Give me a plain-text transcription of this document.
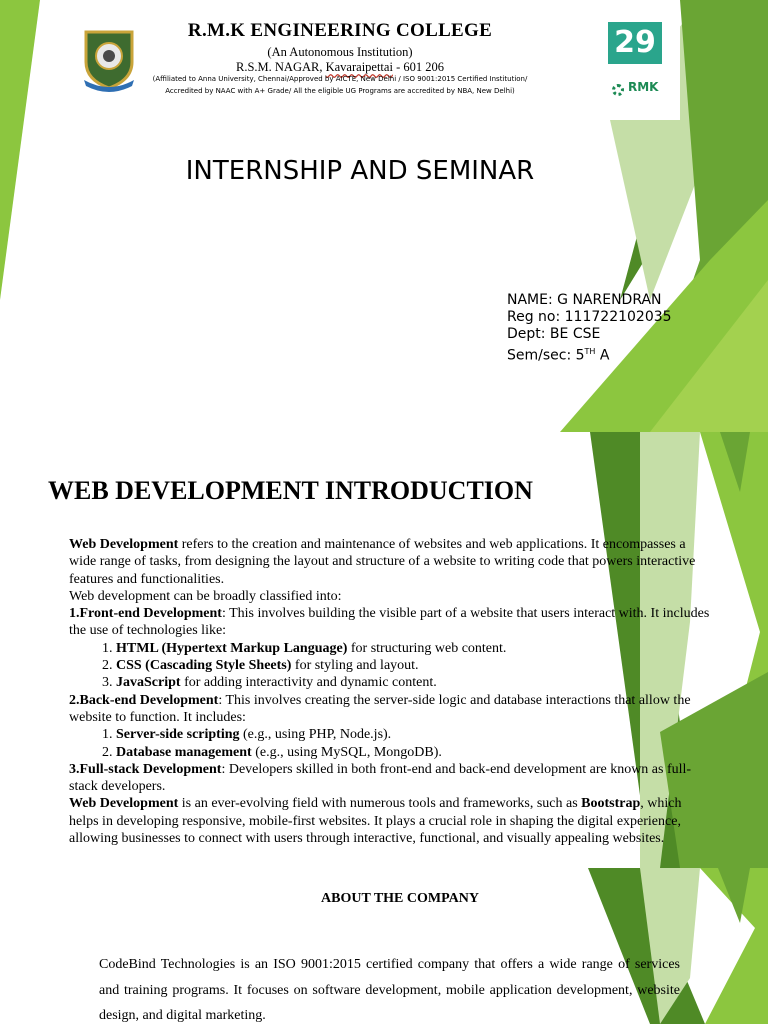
29
RMK
R.M.K ENGINEERING COLLEGE
(An Autonomous Institution)
R.S.M. NAGAR, Kavaraipettai - 601 206
(Affiliated to Anna University, Chennai/Approved by AICTE, New Delhi / ISO 9001:2015 Certified Institution/
Accredited by NAAC with A+ Grade/ All the eligible UG Programs are accredited by NBA, New Delhi)
INTERNSHIP AND SEMINAR
NAME: G NARENDRAN
Reg no: 111722102035
Dept: BE CSE
Sem/sec: 5TH A
WEB DEVELOPMENT INTRODUCTION

Web Development refers to the creation and maintenance of websites and web applications. It encompasses a wide range of tasks, from designing the layout and structure of a website to writing code that powers interactive features and functionalities.

Web development can be broadly classified into:

1.Front-end Development: This involves building the visible part of a website that users interact with. It includes the use of technologies like:

1. HTML (Hypertext Markup Language) for structuring web content.
2. CSS (Cascading Style Sheets) for styling and layout.
3. JavaScript for adding interactivity and dynamic content.

2.Back-end Development: This involves creating the server-side logic and database interactions that allow the website to function. It includes:

1. Server-side scripting (e.g., using PHP, Node.js).
2. Database management (e.g., using MySQL, MongoDB).

3.Full-stack Development: Developers skilled in both front-end and back-end development are known as full-stack developers.

Web Development is an ever-evolving field with numerous tools and frameworks, such as Bootstrap, which helps in developing responsive, mobile-first websites. It plays a crucial role in shaping the digital experience, allowing businesses to connect with users through interactive, functional, and visually appealing websites.

ABOUT THE COMPANY
CodeBind Technologies is an ISO 9001:2015 certified company that offers a wide range of services and training programs. It focuses on software development, mobile application development, website design, and digital marketing.
